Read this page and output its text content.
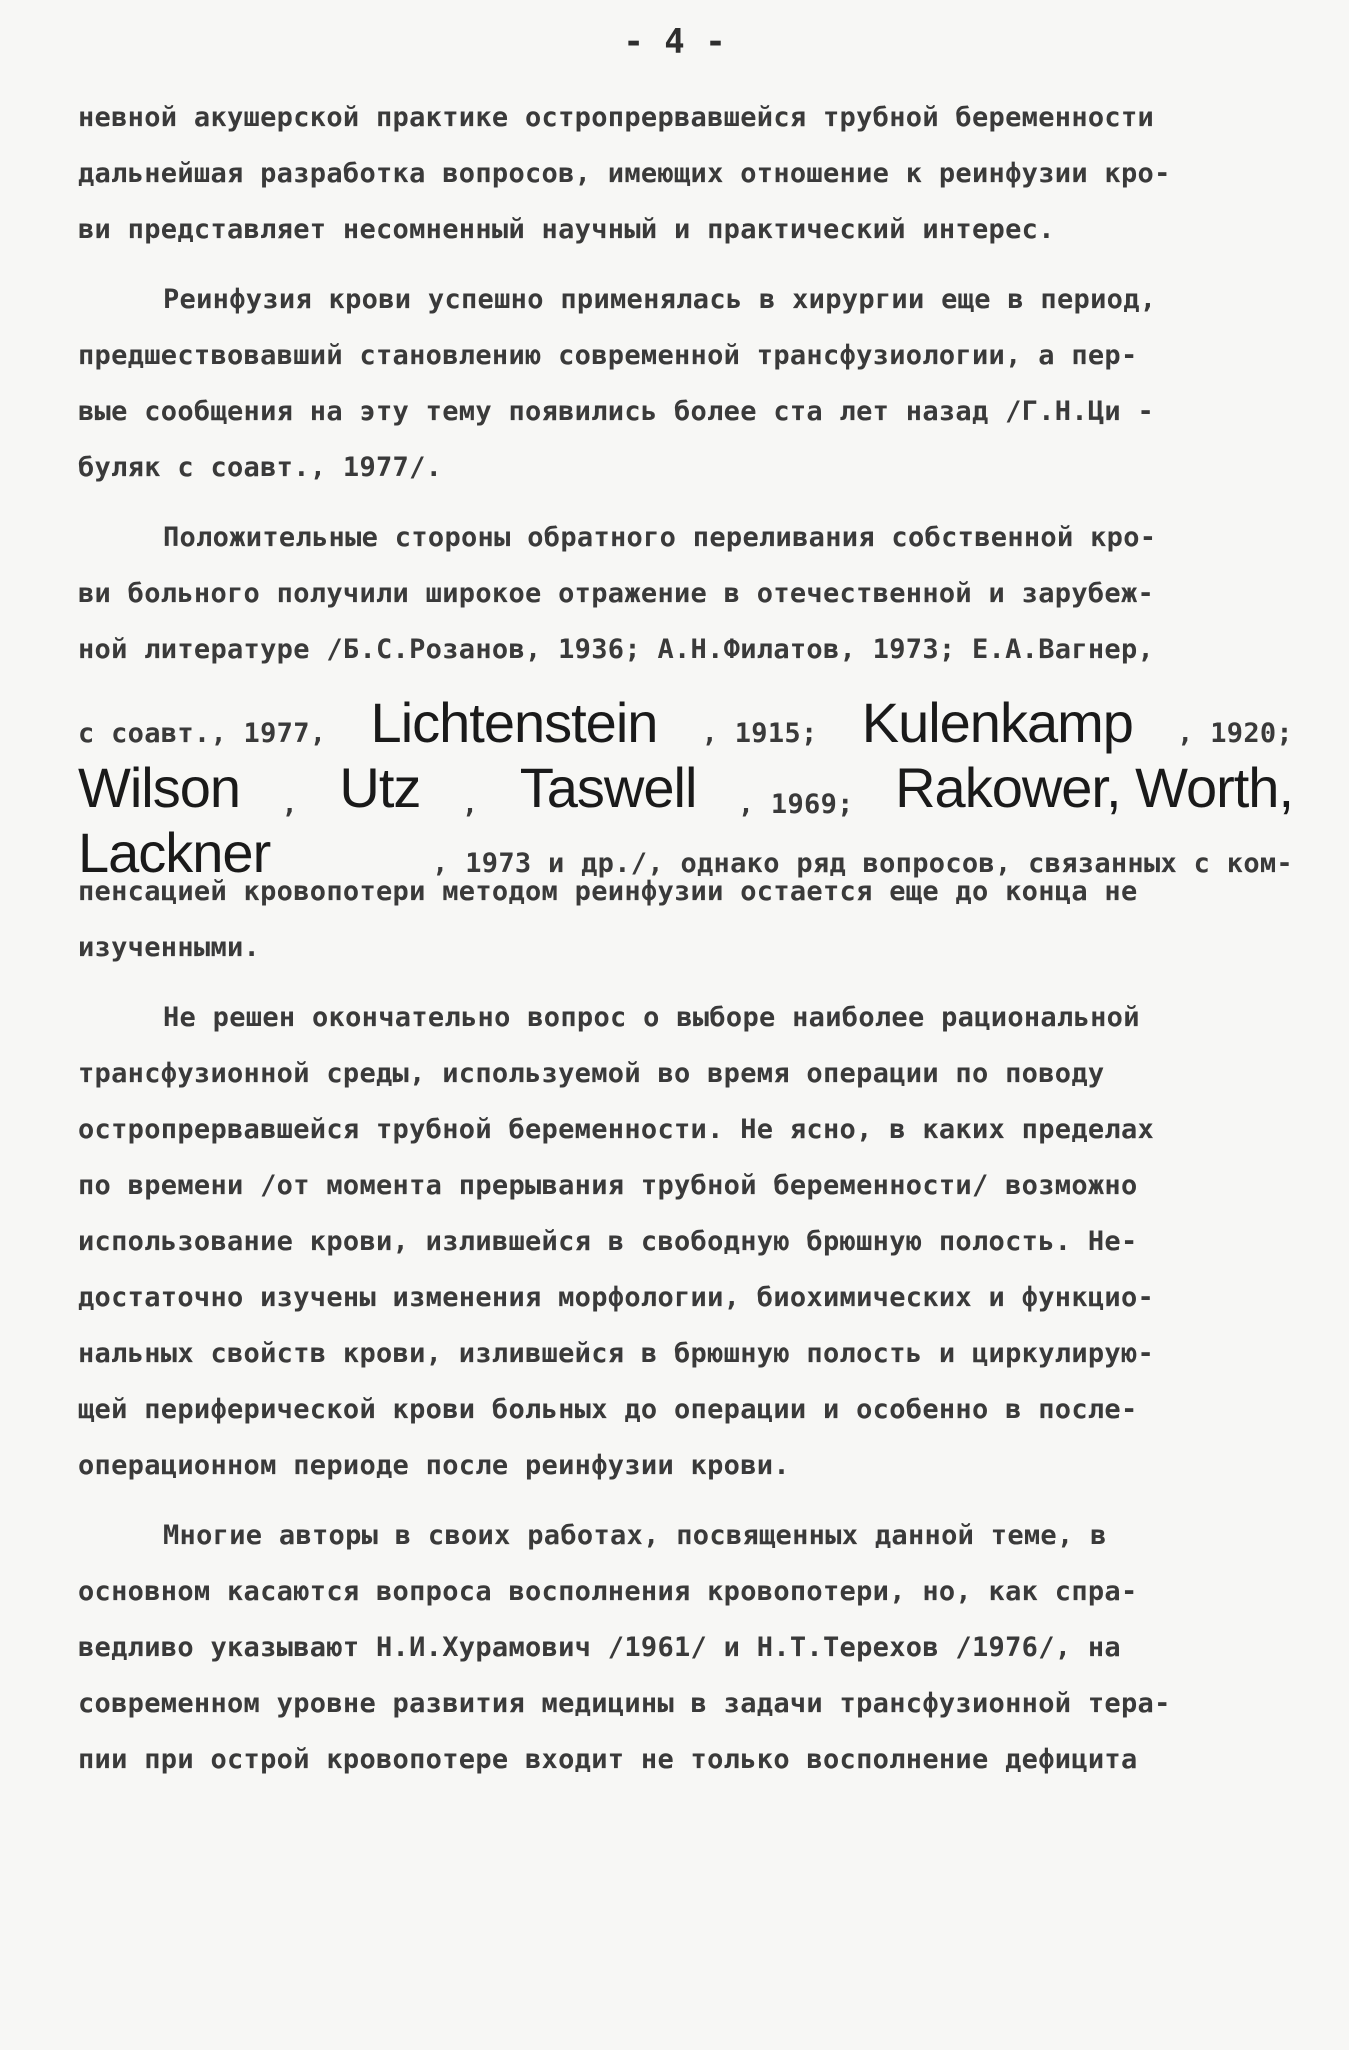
- 4 -
невной акушерской практике остропрервавшейся трубной беременности
дальнейшая разработка вопросов, имеющих отношение к реинфузии кро-
ви представляет несомненный научный и практический интерес.
Реинфузия крови успешно применялась в хирургии еще в период,
предшествовавший становлению современной трансфузиологии, а пер-
вые сообщения на эту тему появились более ста лет назад /Г.Н.Ци -
буляк с соавт., 1977/.
Положительные стороны обратного переливания собственной кро-
ви больного получили широкое отражение в отечественной и зарубеж-
ной литературе /Б.С.Розанов, 1936; А.Н.Филатов, 1973; Е.А.Вагнер,
с соавт., 1977, Lichtenstein , 1915; Kulenkamp , 1920;
Wilson , Utz , Taswell , 1969; Rakower, Worth,
Lackner	, 1973 и др./, однако ряд вопросов, связанных с ком-
пенсацией кровопотери методом реинфузии остается еще до конца не
изученными.
Не решен окончательно вопрос о выборе наиболее рациональной
трансфузионной среды, используемой во время операции по поводу
остропрервавшейся трубной беременности. Не ясно, в каких пределах
по времени /от момента прерывания трубной беременности/ возможно
использование крови, излившейся в свободную брюшную полость. Не-
достаточно изучены изменения морфологии, биохимических и функцио-
нальных свойств крови, излившейся в брюшную полость и циркулирую-
щей периферической крови больных до операции и особенно в после-
операционном периоде после реинфузии крови.
Многие авторы в своих работах, посвященных данной теме, в
основном касаются вопроса восполнения кровопотери, но, как спра-
ведливо указывают Н.И.Хурамович /1961/ и Н.Т.Терехов /1976/, на
современном уровне развития медицины в задачи трансфузионной тера-
пии при острой кровопотере входит не только восполнение дефицита
